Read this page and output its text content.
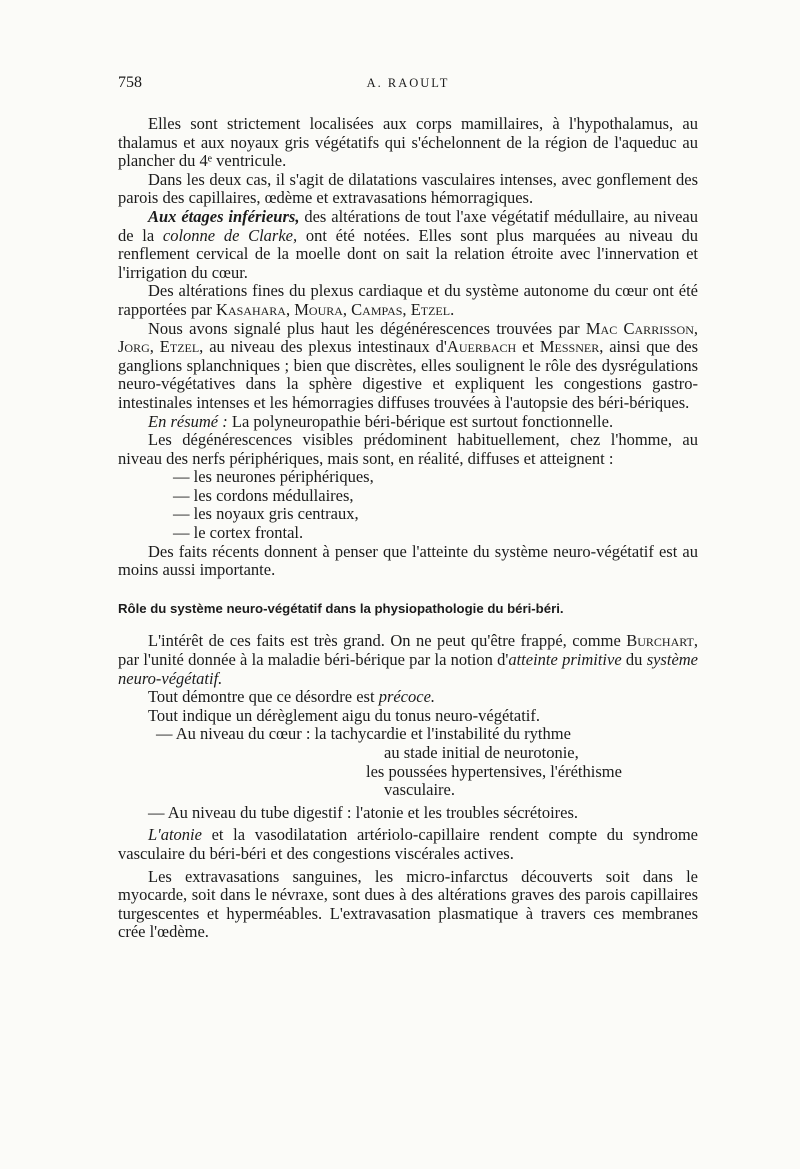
758	A. RAOULT

Elles sont strictement localisées aux corps mamillaires, à l'hypothalamus, au thalamus et aux noyaux gris végétatifs qui s'échelonnent de la région de l'aqueduc au plancher du 4ᵉ ventricule.

Dans les deux cas, il s'agit de dilatations vasculaires intenses, avec gonflement des parois des capillaires, œdème et extravasations hémorragiques.

Aux étages inférieurs, des altérations de tout l'axe végétatif médullaire, au niveau de la colonne de Clarke, ont été notées. Elles sont plus marquées au niveau du renflement cervical de la moelle dont on sait la relation étroite avec l'innervation et l'irrigation du cœur.

Des altérations fines du plexus cardiaque et du système autonome du cœur ont été rapportées par Kasahara, Moura, Campas, Etzel.

Nous avons signalé plus haut les dégénérescences trouvées par Mac Carrisson, Jorg, Etzel, au niveau des plexus intestinaux d'Auerbach et Messner, ainsi que des ganglions splanchniques ; bien que discrètes, elles soulignent le rôle des dysrégulations neuro-végétatives dans la sphère digestive et expliquent les congestions gastro-intestinales intenses et les hémorragies diffuses trouvées à l'autopsie des béri-bériques.

En résumé : La polyneuropathie béri-bérique est surtout fonctionnelle.

Les dégénérescences visibles prédominent habituellement, chez l'homme, au niveau des nerfs périphériques, mais sont, en réalité, diffuses et atteignent :

— les neurones périphériques,

— les cordons médullaires,

— les noyaux gris centraux,

— le cortex frontal.

Des faits récents donnent à penser que l'atteinte du système neuro-végétatif est au moins aussi importante.

Rôle du système neuro-végétatif dans la physiopathologie du béri-béri.

L'intérêt de ces faits est très grand. On ne peut qu'être frappé, comme Burchart, par l'unité donnée à la maladie béri-bérique par la notion d'atteinte primitive du système neuro-végétatif.

Tout démontre que ce désordre est précoce.

Tout indique un dérèglement aigu du tonus neuro-végétatif.

— Au niveau du cœur : la tachycardie et l'instabilité du rythme

au stade initial de neurotonie,

les poussées hypertensives, l'éréthisme

vasculaire.

— Au niveau du tube digestif : l'atonie et les troubles sécrétoires.

L'atonie et la vasodilatation artériolo-capillaire rendent compte du syndrome vasculaire du béri-béri et des congestions viscérales actives.

Les extravasations sanguines, les micro-infarctus découverts soit dans le myocarde, soit dans le névraxe, sont dues à des altérations graves des parois capillaires turgescentes et hyperméables. L'extravasation plasmatique à travers ces membranes crée l'œdème.
